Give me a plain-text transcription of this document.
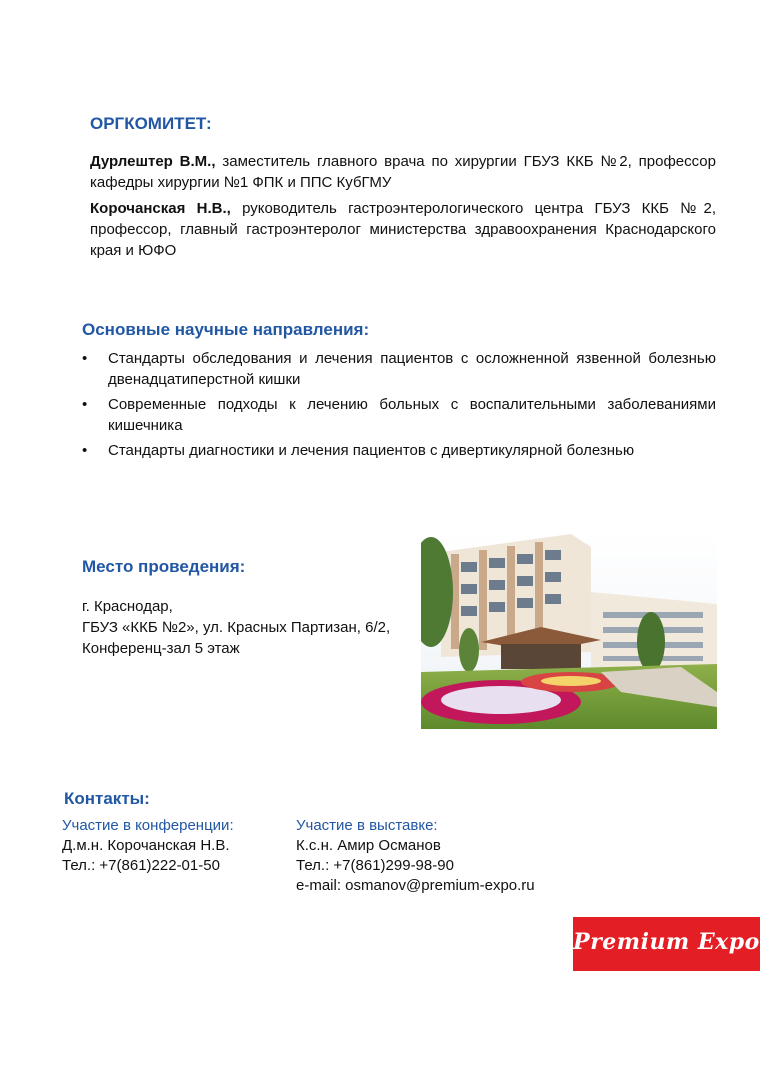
ОРГКОМИТЕТ:
Дурлештер В.М., заместитель главного врача по хирургии ГБУЗ ККБ №2, профессор кафедры хирургии №1 ФПК и ППС КубГМУ
Корочанская Н.В., руководитель гастроэнтерологического центра ГБУЗ ККБ №2, профессор, главный гастроэнтеролог министерства здравоохранения Краснодарского края и ЮФО
Основные научные направления:
• Стандарты обследования и лечения пациентов с осложненной язвенной болезнью двенадцатиперстной кишки
• Современные подходы к лечению больных с воспалительными заболеваниями кишечника
• Стандарты диагностики и лечения пациентов с дивертикулярной болезнью
Место проведения:
г. Краснодар,
ГБУЗ «ККБ №2», ул. Красных Партизан, 6/2,
Конференц-зал 5 этаж
Контакты:
Участие в конференции:
Д.м.н. Корочанская Н.В.
Тел.: +7(861)222-01-50
Участие в выставке:
К.с.н. Амир Османов
Тел.: +7(861)299-98-90
e-mail: osmanov@premium-expo.ru
Premium Expo
